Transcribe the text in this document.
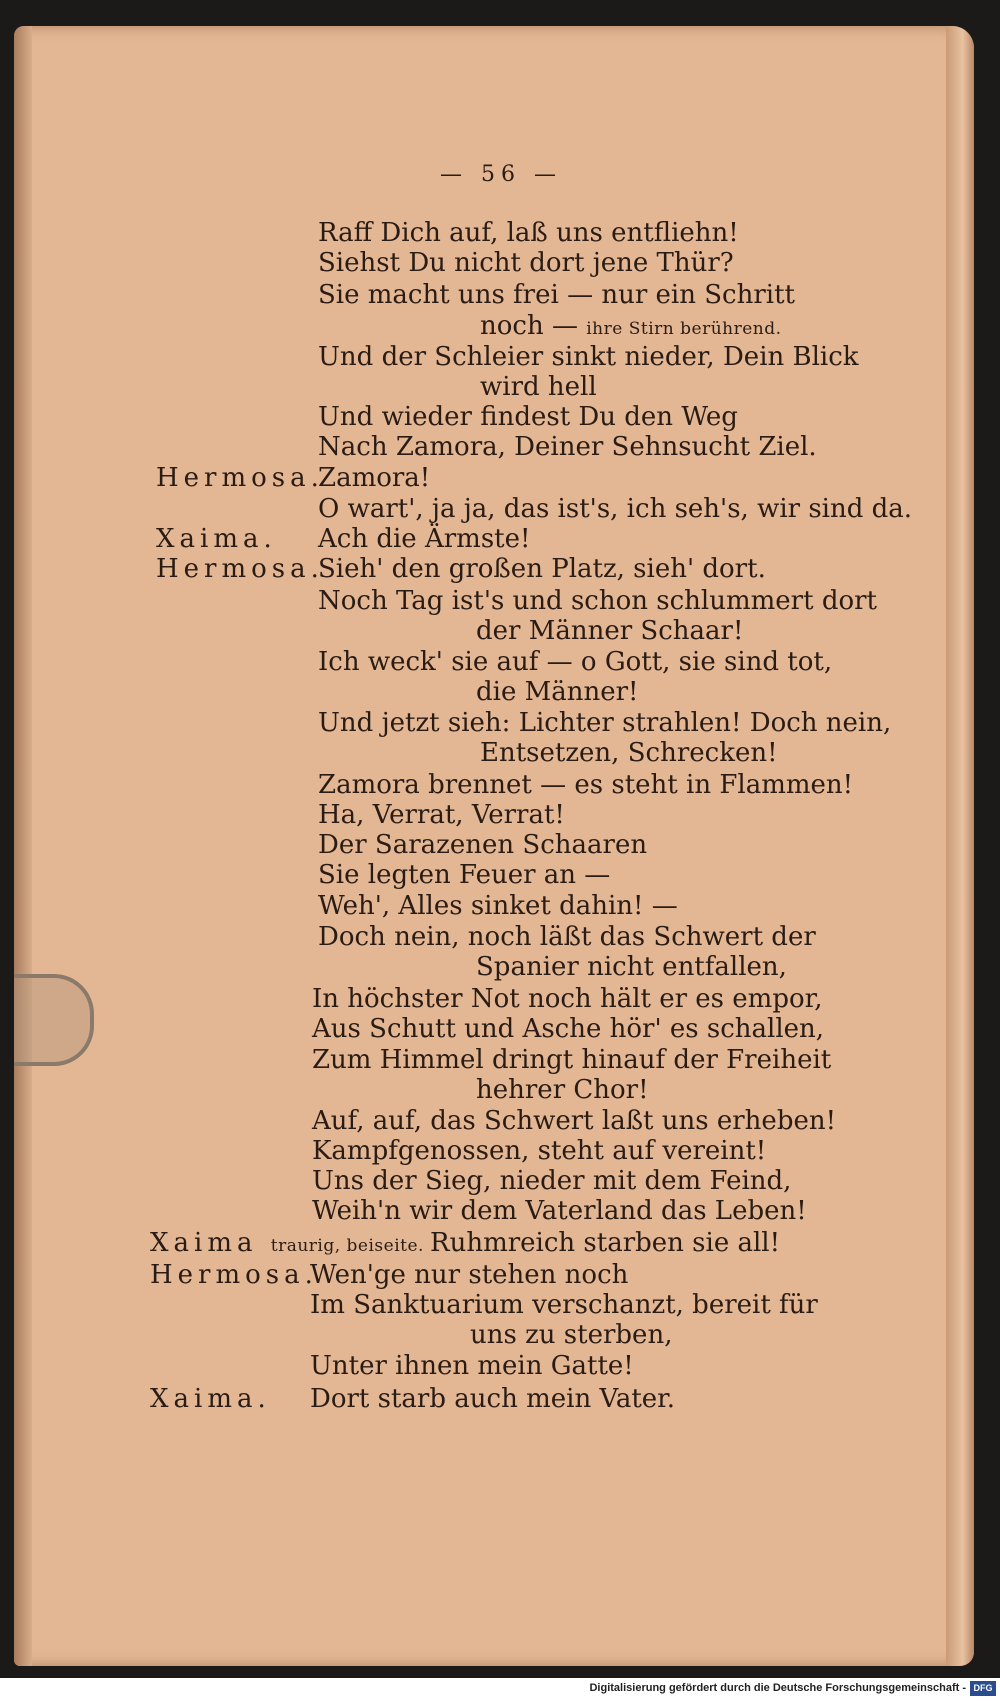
— 56 —
Raff Dich auf, laß uns entfliehn!
Siehst Du nicht dort jene Thür?
Sie macht uns frei — nur ein Schritt
noch — ihre Stirn berührend.
Und der Schleier sinkt nieder, Dein Blick
wird hell
Und wieder findest Du den Weg
Nach Zamora, Deiner Sehnsucht Ziel.
Hermosa.
Zamora!
O wart', ja ja, das ist's, ich seh's, wir sind da.
Xaima. Ach die Ärmste!
Hermosa.
Sieh' den großen Platz, sieh' dort.
Noch Tag ist's und schon schlummert dort
der Männer Schaar!
Ich weck' sie auf — o Gott, sie sind tot,
die Männer!
Und jetzt sieh: Lichter strahlen! Doch nein,
Entsetzen, Schrecken!
Zamora brennet — es steht in Flammen!
Ha, Verrat, Verrat!
Der Sarazenen Schaaren
Sie legten Feuer an —
Weh', Alles sinket dahin! —
Doch nein, noch läßt das Schwert der
Spanier nicht entfallen,
In höchster Not noch hält er es empor,
Aus Schutt und Asche hör' es schallen,
Zum Himmel dringt hinauf der Freiheit
hehrer Chor!
Auf, auf, das Schwert laßt uns erheben!
Kampfgenossen, steht auf vereint!
Uns der Sieg, nieder mit dem Feind,
Weih'n wir dem Vaterland das Leben!
Xaima traurig, beiseite. Ruhmreich starben sie all!
Hermosa.
Wen'ge nur stehen noch
Im Sanktuarium verschanzt, bereit für
uns zu sterben,
Unter ihnen mein Gatte!
Xaima. Dort starb auch mein Vater.
Digitalisierung gefördert durch die Deutsche Forschungsgemeinschaft - DFG
